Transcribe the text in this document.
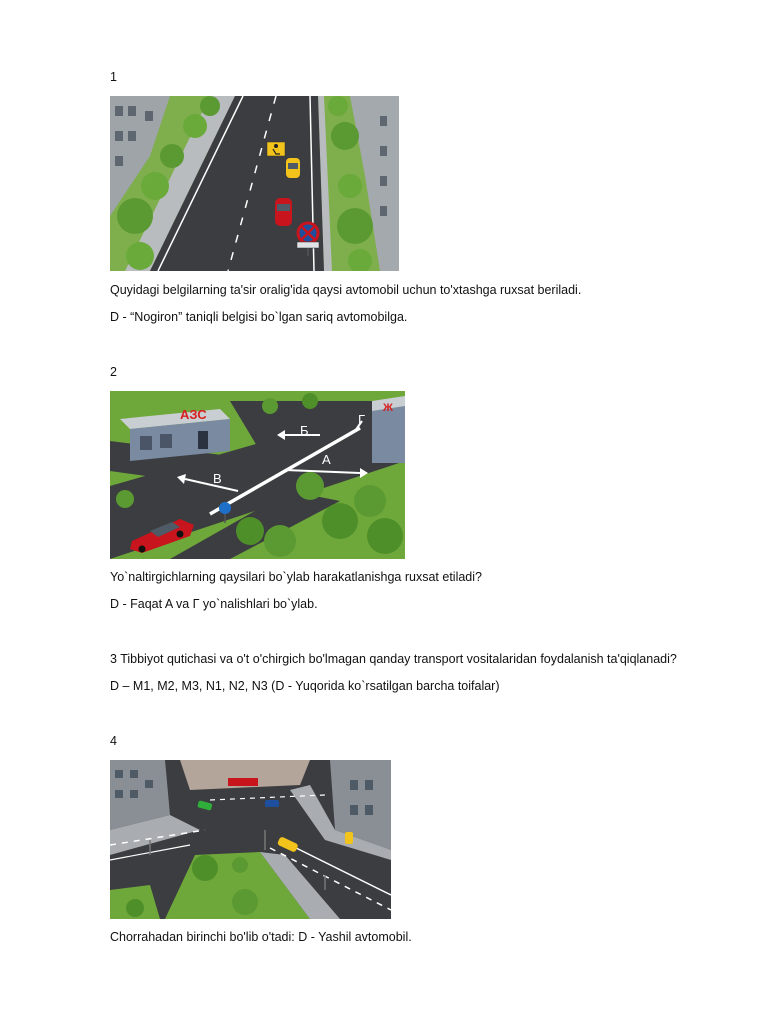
1
Quyidagi belgilarning ta'sir oralig'ida qaysi avtomobil uchun to'xtashga ruxsat beriladi.
D - “Nogiron” taniqli belgisi bo`lgan sariq avtomobilga.
2
АЗС	Ж
А
Б
В
Г
Yo`naltirgichlarning qaysilari bo`ylab harakatlanishga ruxsat etiladi?
D - Faqat A va Г yo`nalishlari bo`ylab.
3 Tibbiyot qutichasi va o't o'chirgich bo'lmagan qanday transport vositalaridan foydalanish ta'qiqlanadi?
D – M1, M2, M3, N1, N2, N3 (D - Yuqorida ko`rsatilgan barcha toifalar)
4
Chorrahadan birinchi bo'lib o'tadi: D - Yashil avtomobil.
